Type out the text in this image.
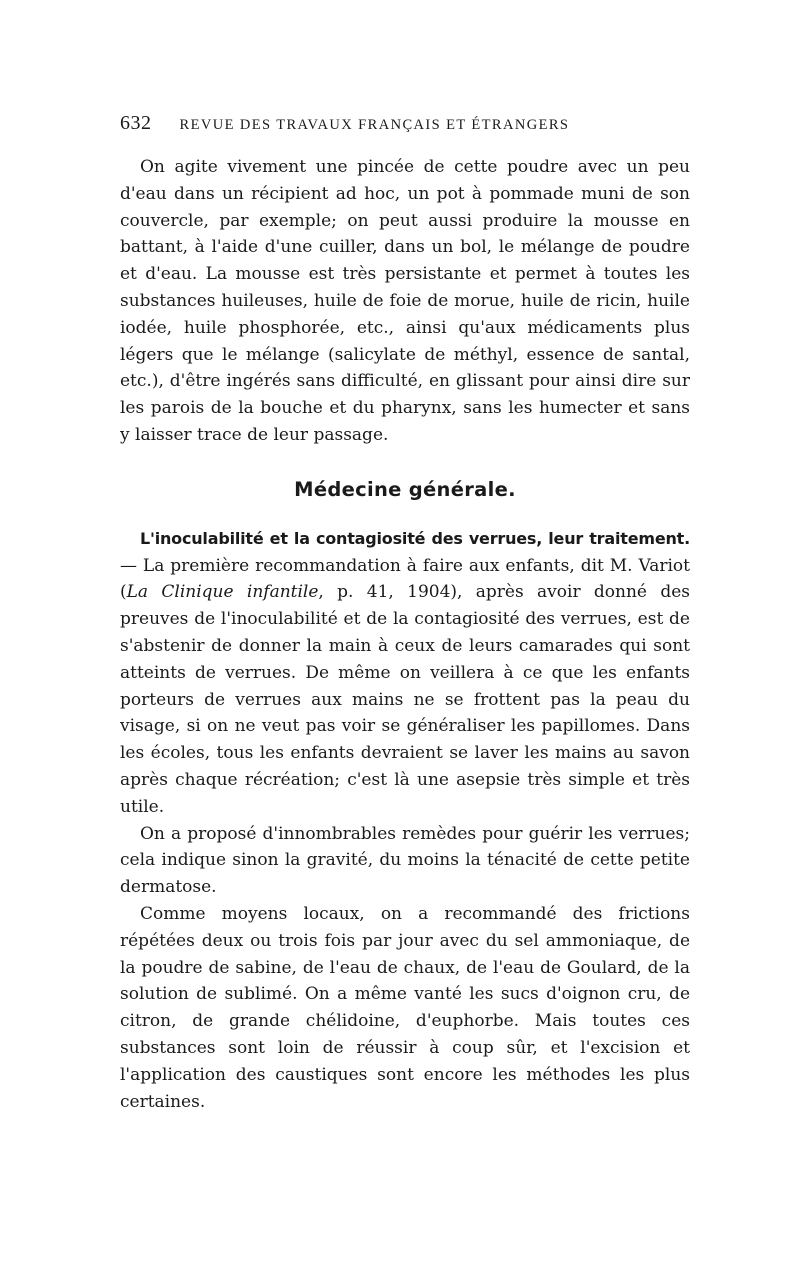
632 REVUE DES TRAVAUX FRANÇAIS ET ÉTRANGERS

On agite vivement une pincée de cette poudre avec un peu d'eau dans un récipient ad hoc, un pot à pommade muni de son couvercle, par exemple; on peut aussi produire la mousse en battant, à l'aide d'une cuiller, dans un bol, le mélange de poudre et d'eau. La mousse est très persistante et permet à toutes les substances huileuses, huile de foie de morue, huile de ricin, huile iodée, huile phosphorée, etc., ainsi qu'aux médicaments plus légers que le mélange (salicylate de méthyl, essence de santal, etc.), d'être ingérés sans difficulté, en glissant pour ainsi dire sur les parois de la bouche et du pharynx, sans les humecter et sans y laisser trace de leur passage.

Médecine générale.

L'inoculabilité et la contagiosité des verrues, leur traitement. — La première recommandation à faire aux enfants, dit M. Variot (La Clinique infantile, p. 41, 1904), après avoir donné des preuves de l'inoculabilité et de la contagiosité des verrues, est de s'abstenir de donner la main à ceux de leurs camarades qui sont atteints de verrues. De même on veillera à ce que les enfants porteurs de verrues aux mains ne se frottent pas la peau du visage, si on ne veut pas voir se généraliser les papillomes. Dans les écoles, tous les enfants devraient se laver les mains au savon après chaque récréation; c'est là une asepsie très simple et très utile.

On a proposé d'innombrables remèdes pour guérir les verrues; cela indique sinon la gravité, du moins la ténacité de cette petite dermatose.

Comme moyens locaux, on a recommandé des frictions répétées deux ou trois fois par jour avec du sel ammoniaque, de la poudre de sabine, de l'eau de chaux, de l'eau de Goulard, de la solution de sublimé. On a même vanté les sucs d'oignon cru, de citron, de grande chélidoine, d'euphorbe. Mais toutes ces substances sont loin de réussir à coup sûr, et l'excision et l'application des caustiques sont encore les méthodes les plus certaines.
